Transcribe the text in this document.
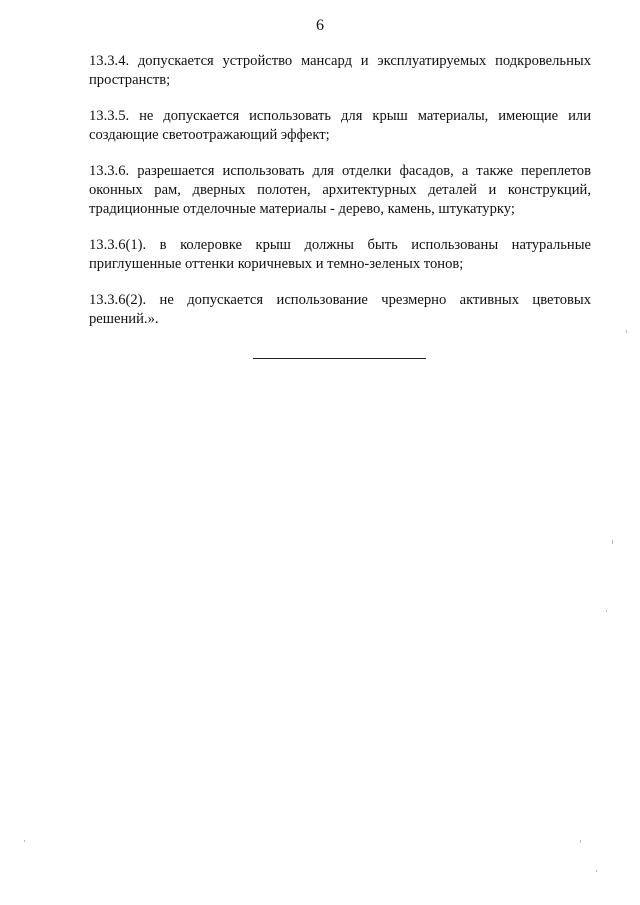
6

13.3.4. допускается устройство мансард и эксплуатируемых подкровельных пространств;

13.3.5. не допускается использовать для крыш материалы, имеющие или создающие светоотражающий эффект;

13.3.6. разрешается использовать для отделки фасадов, а также переплетов оконных рам, дверных полотен, архитектурных деталей и конструкций, традиционные отделочные материалы - дерево, камень, штукатурку;

13.3.6(1). в колеровке крыш должны быть использованы натуральные приглушенные оттенки коричневых и темно-зеленых тонов;

13.3.6(2). не допускается использование чрезмерно активных цветовых решений.».
